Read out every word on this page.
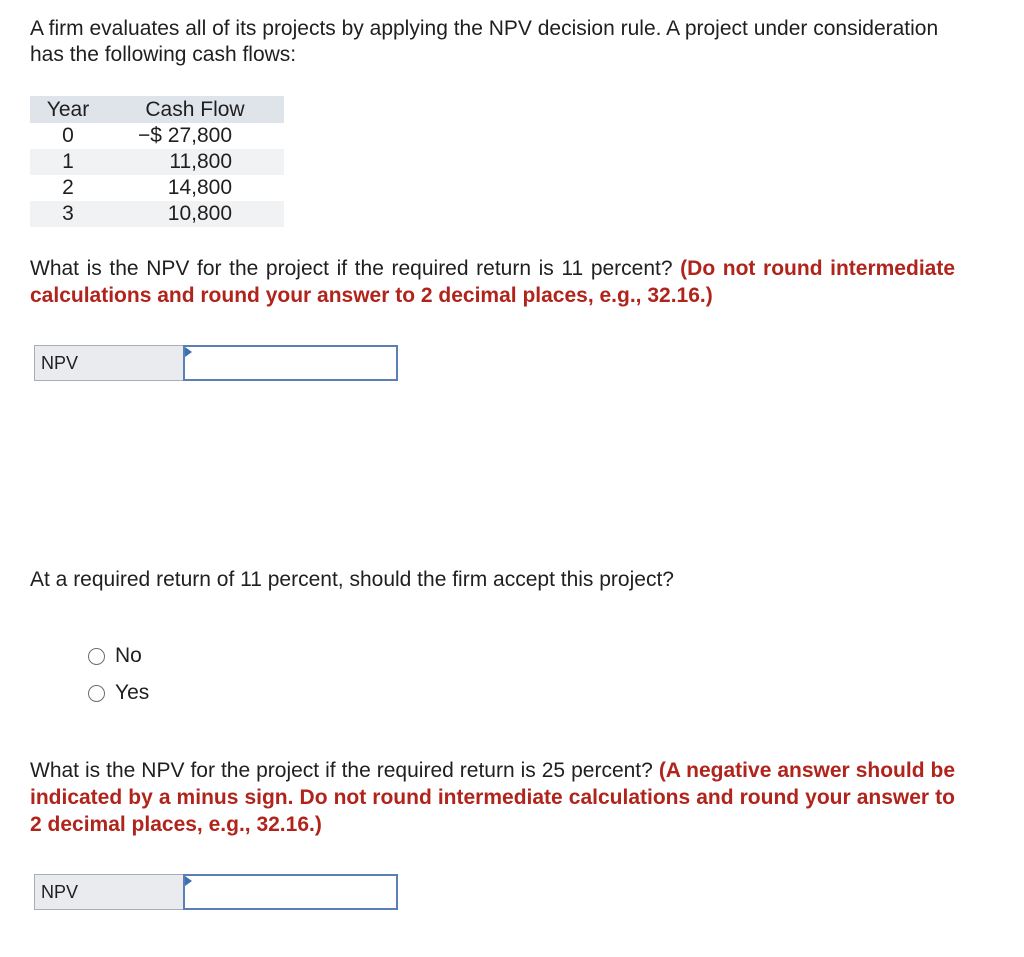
A firm evaluates all of its projects by applying the NPV decision rule. A project under consideration has the following cash flows:
Year	Cash Flow
0	−$ 27,800
1	11,800
2	14,800
3	10,800
What is the NPV for the project if the required return is 11 percent? (Do not round intermediate calculations and round your answer to 2 decimal places, e.g., 32.16.)
NPV
At a required return of 11 percent, should the firm accept this project?
No
Yes
What is the NPV for the project if the required return is 25 percent? (A negative answer should be indicated by a minus sign. Do not round intermediate calculations and round your answer to 2 decimal places, e.g., 32.16.)
NPV
